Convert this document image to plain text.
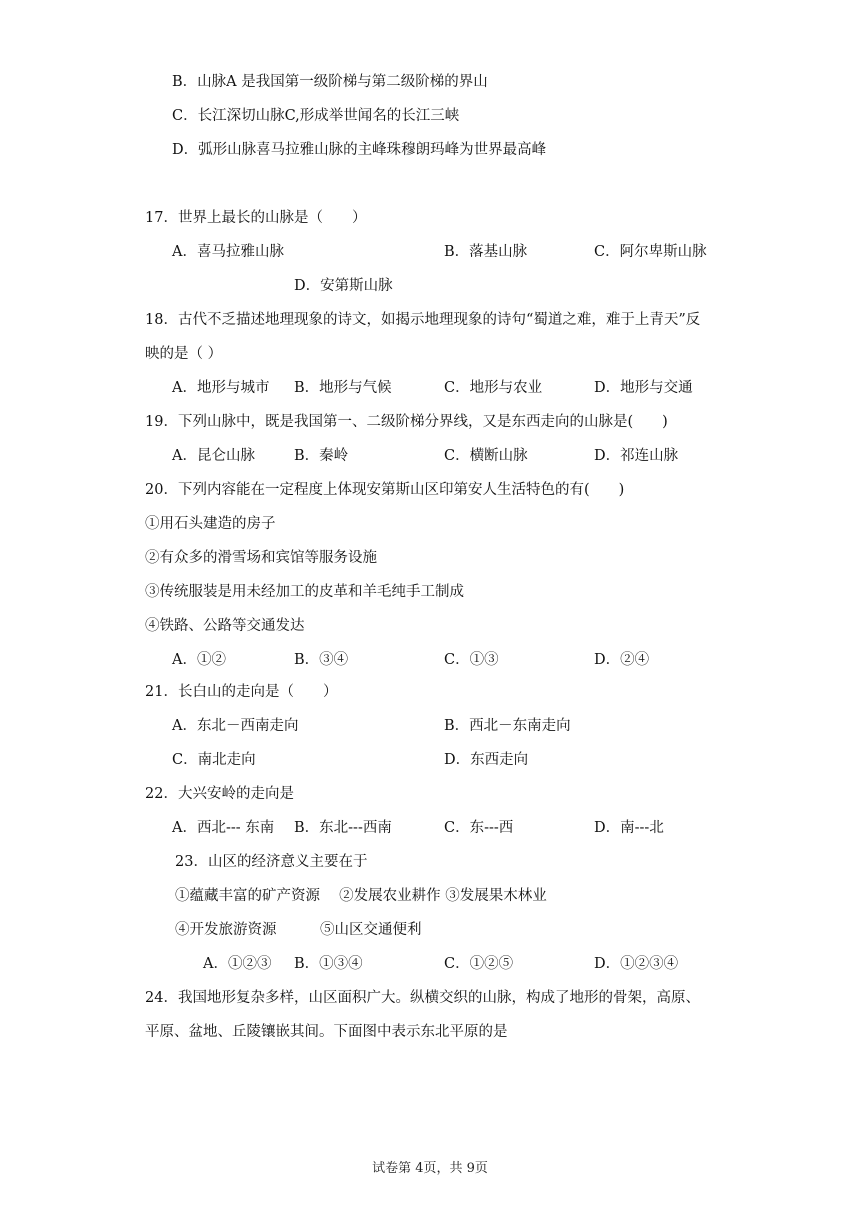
B．山脉A 是我国第一级阶梯与第二级阶梯的界山
C．长江深切山脉C,形成举世闻名的长江三峡
D．弧形山脉喜马拉雅山脉的主峰珠穆朗玛峰为世界最高峰
17．世界上最长的山脉是（　　）
A．喜马拉雅山脉	B．落基山脉	C．阿尔卑斯山脉
D．安第斯山脉
18．古代不乏描述地理现象的诗文，如揭示地理现象的诗句“蜀道之难，难于上青天”反
映的是（ ）
A．地形与城市 B．地形与气候	C．地形与农业	D．地形与交通
19．下列山脉中，既是我国第一、二级阶梯分界线，又是东西走向的山脉是(　　)
A．昆仑山脉	B．秦岭	C．横断山脉	D．祁连山脉
20．下列内容能在一定程度上体现安第斯山区印第安人生活特色的有(　　)
①用石头建造的房子
②有众多的滑雪场和宾馆等服务设施
③传统服装是用未经加工的皮革和羊毛纯手工制成
④铁路、公路等交通发达
A．①②	B．③④	C．①③	D．②④
21．长白山的走向是（　　）
A．东北－西南走向	B．西北－东南走向
C．南北走向	D．东西走向
22．大兴安岭的走向是
A．西北--- 东南 B．东北---西南	C．东---西	D．南---北
23．山区的经济意义主要在于
①蕴藏丰富的矿产资源　 ②发展农业耕作 ③发展果木林业
④开发旅游资源　　　⑤山区交通便利
A．①②③ B．①③④	C．①②⑤	D．①②③④
24．我国地形复杂多样，山区面积广大。纵横交织的山脉，构成了地形的骨架，高原、
平原、盆地、丘陵镶嵌其间。下面图中表示东北平原的是
试卷第 4页，共 9页
